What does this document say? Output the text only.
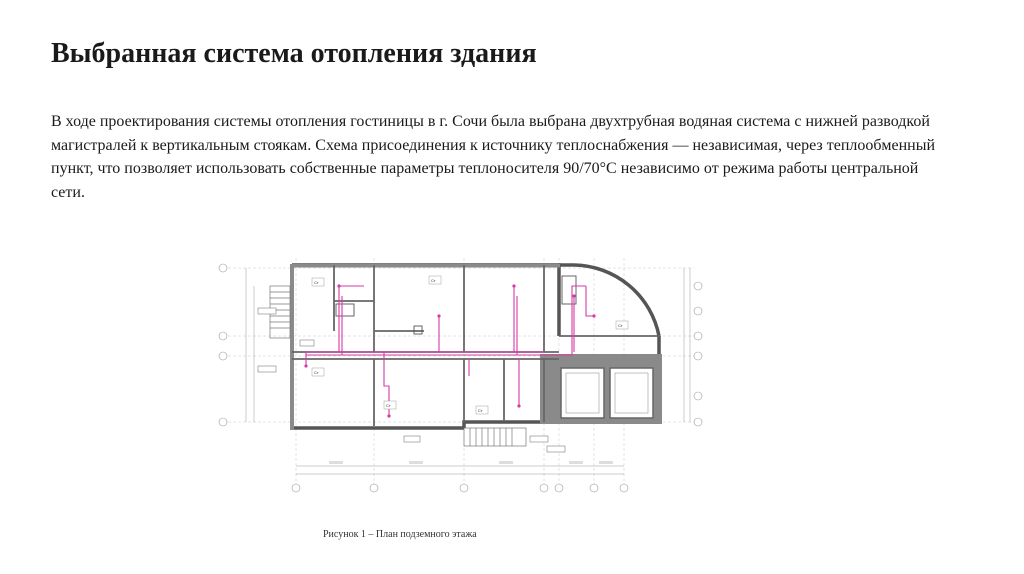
Выбранная система отопления здания

В ходе проектирования системы отопления гостиницы в г. Сочи была выбрана двухтрубная водяная система с нижней разводкой магистралей к вертикальным стоякам. Схема присоединения к источнику теплоснабжения — независимая, через теплообменный пункт, что позволяет использовать собственные параметры теплоносителя 90/70°С независимо от режима работы центральной сети.

Ст
Ст
Ст
Ст
Ст
Ст

Рисунок 1 – План подземного этажа
